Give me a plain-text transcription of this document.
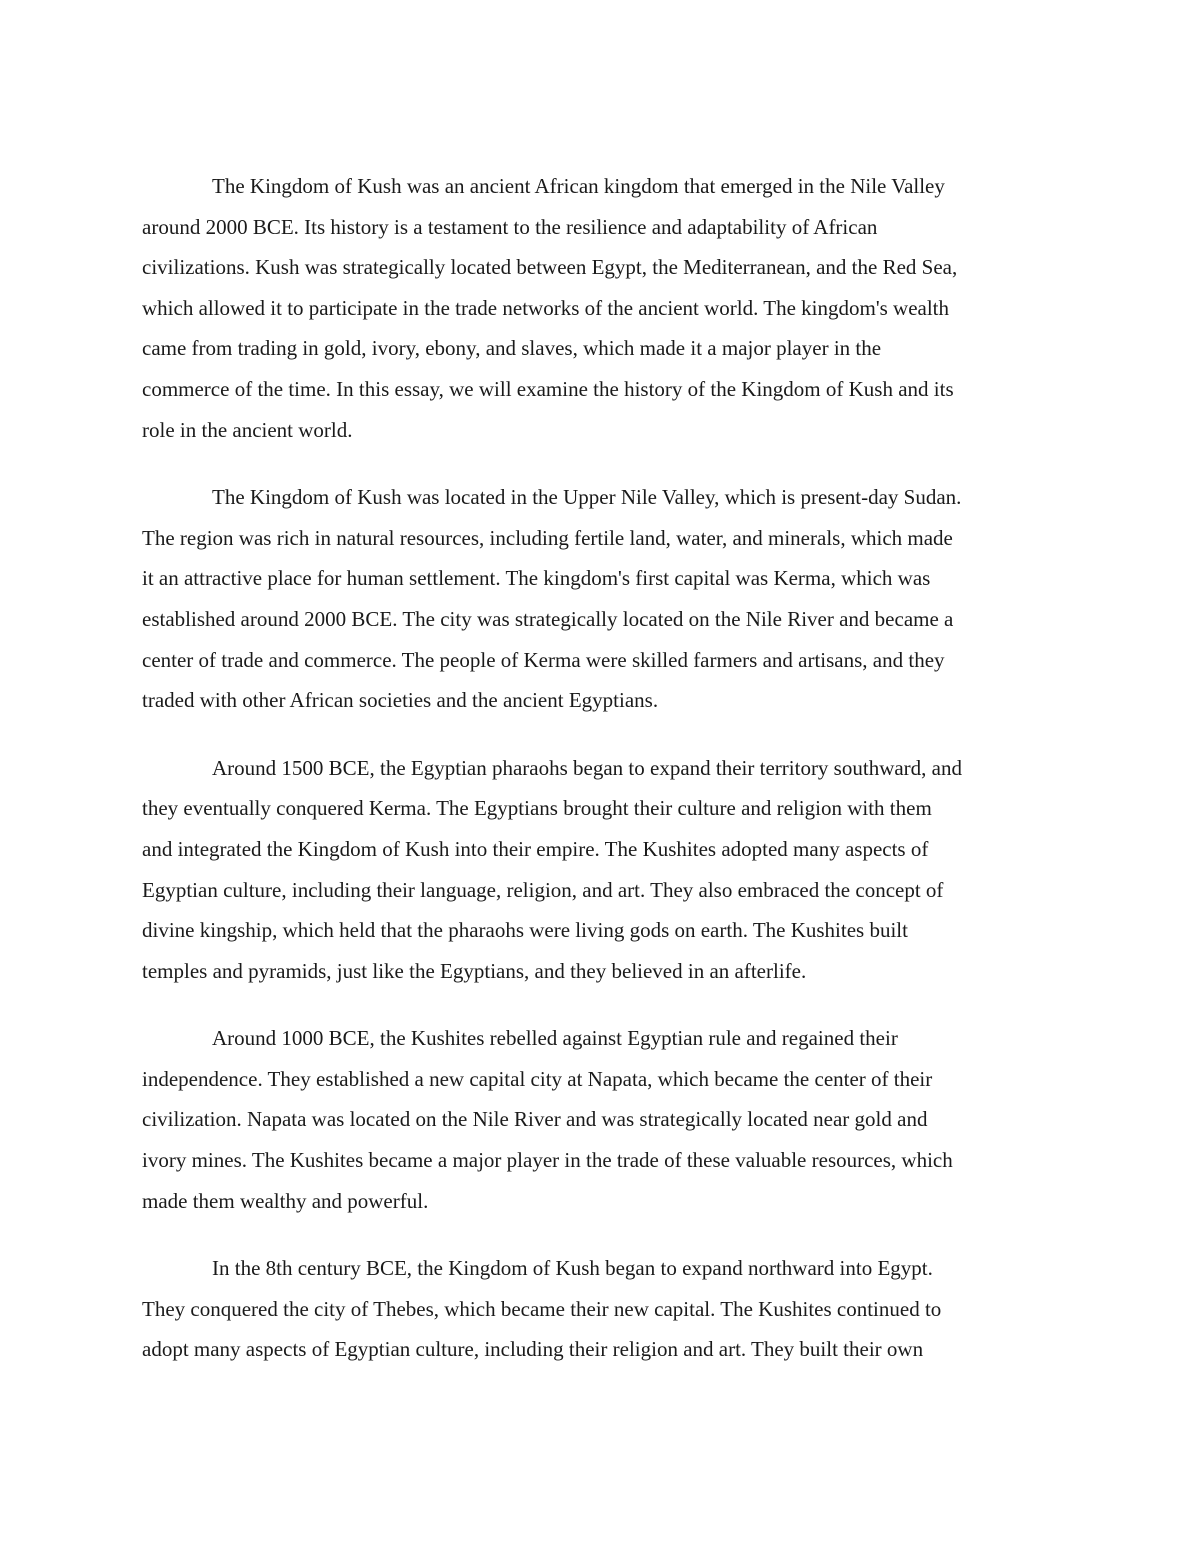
The Kingdom of Kush was an ancient African kingdom that emerged in the Nile Valley
around 2000 BCE. Its history is a testament to the resilience and adaptability of African
civilizations. Kush was strategically located between Egypt, the Mediterranean, and the Red Sea,
which allowed it to participate in the trade networks of the ancient world. The kingdom's wealth
came from trading in gold, ivory, ebony, and slaves, which made it a major player in the
commerce of the time. In this essay, we will examine the history of the Kingdom of Kush and its
role in the ancient world.

The Kingdom of Kush was located in the Upper Nile Valley, which is present-day Sudan.
The region was rich in natural resources, including fertile land, water, and minerals, which made
it an attractive place for human settlement. The kingdom's first capital was Kerma, which was
established around 2000 BCE. The city was strategically located on the Nile River and became a
center of trade and commerce. The people of Kerma were skilled farmers and artisans, and they
traded with other African societies and the ancient Egyptians.

Around 1500 BCE, the Egyptian pharaohs began to expand their territory southward, and
they eventually conquered Kerma. The Egyptians brought their culture and religion with them
and integrated the Kingdom of Kush into their empire. The Kushites adopted many aspects of
Egyptian culture, including their language, religion, and art. They also embraced the concept of
divine kingship, which held that the pharaohs were living gods on earth. The Kushites built
temples and pyramids, just like the Egyptians, and they believed in an afterlife.

Around 1000 BCE, the Kushites rebelled against Egyptian rule and regained their
independence. They established a new capital city at Napata, which became the center of their
civilization. Napata was located on the Nile River and was strategically located near gold and
ivory mines. The Kushites became a major player in the trade of these valuable resources, which
made them wealthy and powerful.

In the 8th century BCE, the Kingdom of Kush began to expand northward into Egypt.
They conquered the city of Thebes, which became their new capital. The Kushites continued to
adopt many aspects of Egyptian culture, including their religion and art. They built their own
